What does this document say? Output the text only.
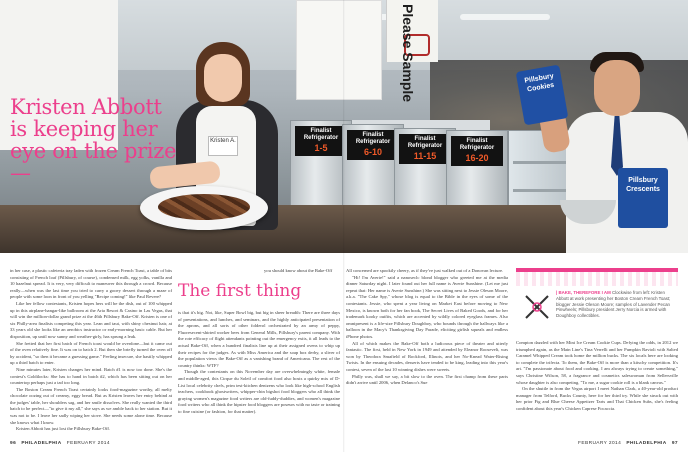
Please Sample
Finalist Refrigerator
1-5
Finalist Refrigerator
6-10
Finalist Refrigerator
11-15
Finalist Refrigerator
16-20
Kristen A.
Pillsbury Cookies
Pillsbury Crescents
Kristen Abbott is keeping her eye on the prize—

in her case, a plastic cafeteria tray laden with frozen Cream French Toast, a table of bits consisting of French loaf (Pillsbury, of course), condensed milk, egg yolks, vanilla and 10 hazelnut spread. It is very, very difficult to maneuver this through a crowd. Because really—when was the last time you tried to carry a gooey dessert through a maze of people with some loon in front of you yelling "Recipe coming!" like Paul Revere?

Like her fellow contestants, Kristen hopes hers will be the dish, out of 100 whipped up in this airplane-hangar-like ballroom at the Aria Resort & Casino in Las Vegas, that will win the million-dollar grand prize at the 46th Pillsbury Bake-Off. Kristen is one of six Philly-area finalists competing this year. Lean and taut, with shiny chestnut hair, at 33 years old she looks like an aerobics instructor or early-morning basic cable. But her disposition, up until now sunny and weather-girly, has sprung a leak.

She fretted that her first batch of French toast would be overdone—but it came out of the oven relatively fine. It was on to batch 2. But then she briefly turned the oven off by accident, "so then it became a guessing game." Feeling insecure, she hastily whipped up a third batch to enter.

Nine minutes later, Kristen changes her mind. Batch #1 is now too done. She's the contest's Goldilocks: She has to hand in batch #2, which has been sitting out on her countertop perhaps just a tad too long.

The Boston Cream French Toast certainly looks food-magazine worthy, all melty chocolate oozing out of creamy, eggy bread. But as Kristen leaves her entry behind at the judges' table, her shoulders sag, and her smile dissolves. She really wanted the third batch to be perfect—"to give it my all," she says as we amble back to her station. But it was not to be. I leave her sadly wiping her stove. She needs some alone time. Because she knows what I know.

Kristen Abbott has just lost the Pillsbury Bake-Off.

The first thing

you should know about the Bake-Off

is that it's big. Not, like, Super Bowl big, but big in sheer breadth: There are three days of presentations, and lunches, and seminars, and the highly anticipated presentation of the aprons, and all sorts of other folderol orchestrated by an army of peppy, Fluoresecent-shirted worker bees from General Mills, Pillsbury's parent company. With the rote efficacy of flight attendants pointing out the emergency exits, it all leads to the actual Bake-Off, when a hundred finalists line up at their assigned ovens to whip up their recipes for the judges. As with Miss America and the soap box derby, a sliver of the population views the Bake-Off as a vanishing brand of Americana. The rest of the country thinks: WTF?

Though the contestants on this November day are overwhelmingly white, female and middle-aged, this Cirque du Soleil of comfort food also hosts a quirky mix of D-List local celebrity chefs, prim test-kitchen denizens who look like high-school English teachers, cookbook ghostwriters, whipper-chin bigshot food bloggers who all think the graying women's magazine food writers are old-fuddy-duddies, and women's magazine food writers who all think the hipster food bloggers are poseurs with no taste or training to fine cuisine (or fashion, for that matter).

All concerned are spookily cheery, as if they've just walked out of a Donovan lecture.

"Hi! I'm Averie!" said a nanoseclc blond blogger who greeted me at the media dinner Saturday night. I later found out her full name is Averie Sunshine. (Let me just repeat that: Her name is Averie Sunshine.) She was sitting next to Jessie Oleson Moore, a.k.a. "The Cake Spy," whose blog is equal to the Bible in the eyes of some of the contestants. Jessie, who spent a year living on Market East before moving to New Mexico, is known both for her fan book, The Secret Lives of Baked Goods, and for her trademark kooky outfits, which are accented by wildly colored eyeglass frames. Also omnipresent is a life-size Pillsbury Doughboy, who bounds through the hallways like a balloon in the Macy's Thanksgiving Day Parade, eliciting girlish squeals and endless iPhone photos.

All of which makes the Bake-Off both a ludicrous piece of theater and utterly fantastic. The first, held in New York in 1949 and attended by Eleanor Roosevelt, was won by Theodora Smafield of Rockford, Illinois, and her No-Knead Water-Rising Twists. In the ensuing decades, desserts have tended to be king, leading into this year's contest, seven of the last 10 winning dishes were sweets.

Philly was, shall we say, a bit slow to the oven. The first champ from these parts didn't arrive until 2006, when Delanco's Sue

| BAKE, THEREFORE I AM Clockwise from left: Kristen Abbott at work presenting her Boston Cream French Toast; blogger Jessie Oleson Moore; samples of Lavender Pecan Pinwheels; Pillsbury president Jerry Norcia is armed with Doughboy collectibles.

Compton dazzled with her Mini Ice Cream Cookie Cups. Defying the odds, in 2012 we triumphed again, as the Main Line's Tina Verrelli and her Pumpkin Ravioli with Salted Caramel Whipped Cream took home the million bucks. The six locals here are looking to complete the trifecta. To them, the Bake-Off is more than a kitschy competition. It's art. "I'm passionate about food and cooking. I am always trying to create something," says Christine Wilson, 58, a fragrance and cosmetics saleswoman from Sellersville whose daughter is also competing. "To me, a sugar cookie roll is a blank canvas."

On the shuttle in from the Vegas airport I meet Nathan Clark, a 40-year-old product manager from Telford, Bucks County, here for her third try. While she struck out with her prior Fig and Blue Cheese Appetizer Tarts and Thai Chicken Subs, she's feeling confident about this year's Chicken Caprese Focaccia.

96 PHILADELPHIA FEBRUARY 2014	FEBRUARY 2014 PHILADELPHIA 97
